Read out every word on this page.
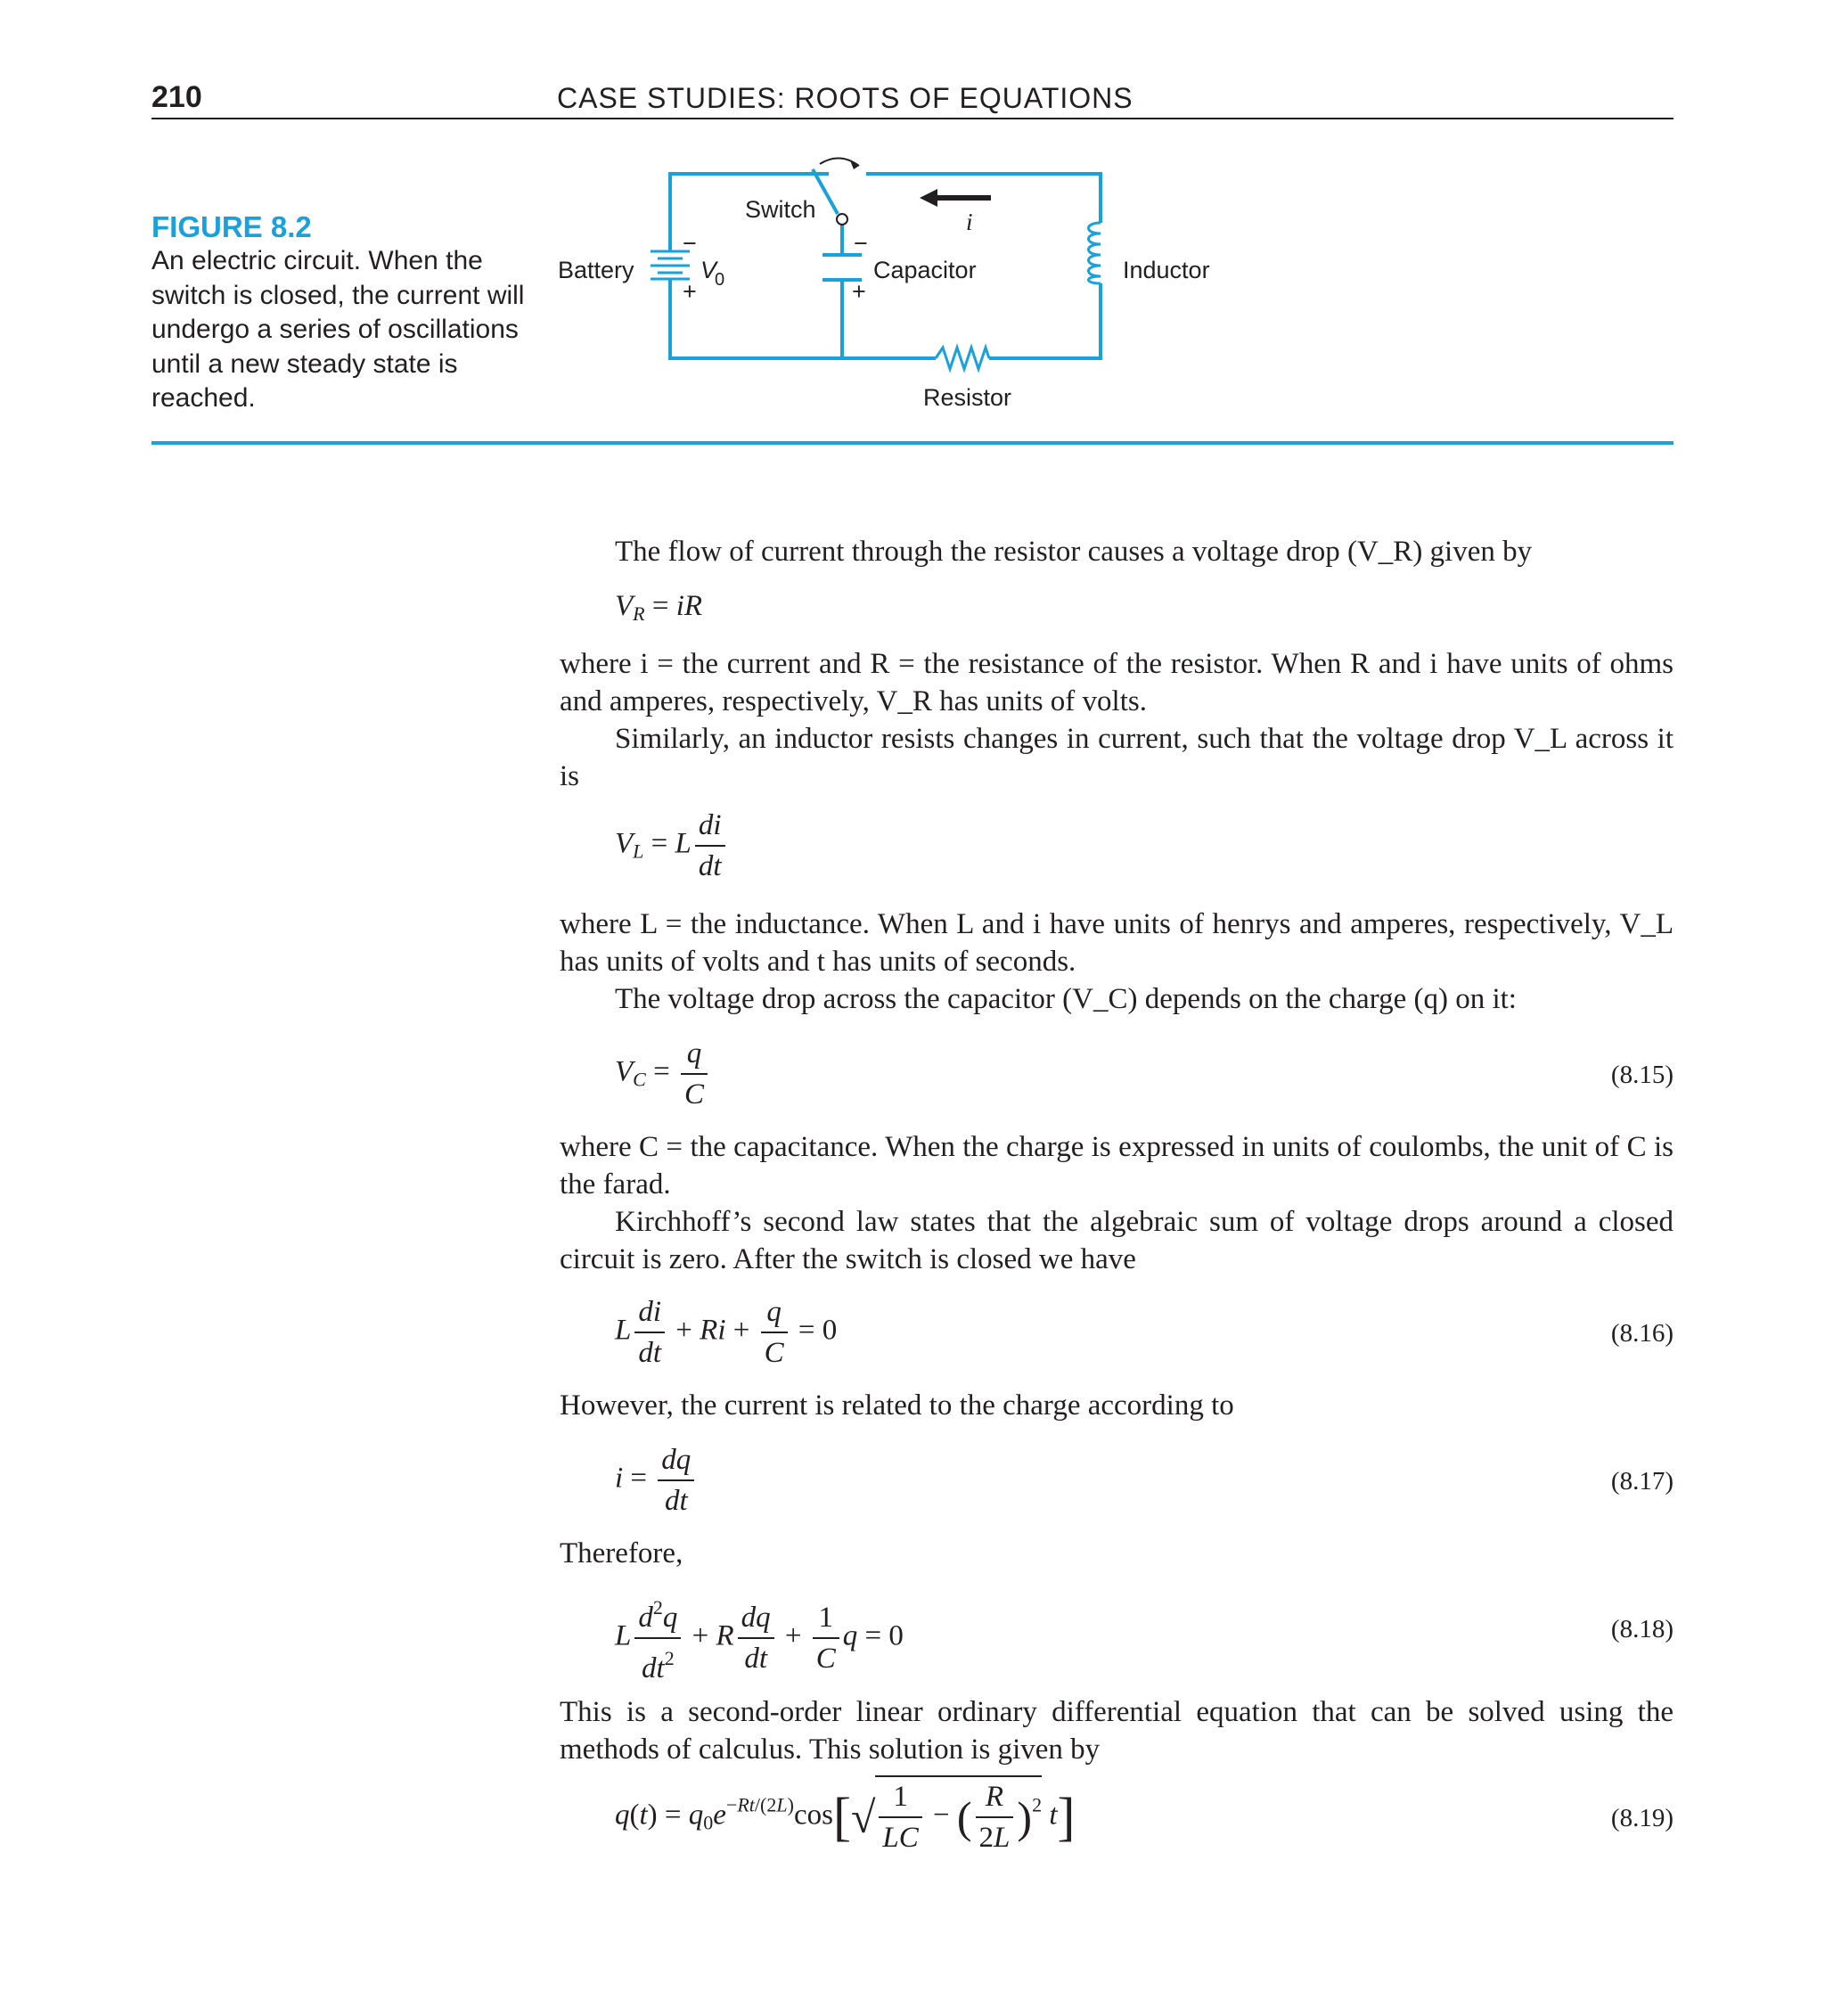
210	CASE STUDIES: ROOTS OF EQUATIONS
FIGURE 8.2
An electric circuit. When the switch is closed, the current will undergo a series of oscillations until a new steady state is reached.
Switch
Battery	Capacitor	Inductor
Resistor
−
+
−
+
V
0
i
The flow of current through the resistor causes a voltage drop (V_R) given by
$V_R$ = iR
where i = the current and R = the resistance of the resistor. When R and i have units of ohms and amperes, respectively, V_R has units of volts.
Similarly, an inductor resists changes in current, such that the voltage drop V_L across it is
$V_L = L \frac{di}{dt}$
where L = the inductance. When L and i have units of henrys and amperes, respectively, V_L has units of volts and t has units of seconds.
The voltage drop across the capacitor (V_C) depends on the charge (q) on it:
$V_C = \frac{q}{C}$	(8.15)
where C = the capacitance. When the charge is expressed in units of coulombs, the unit of C is the farad.
Kirchhoff’s second law states that the algebraic sum of voltage drops around a closed circuit is zero. After the switch is closed we have
L $\frac{di}{dt} + Ri + \frac{q}{C} = 0$	(8.16)
However, the current is related to the charge according to
$i = \frac{dq}{dt}$	(8.17)
Therefore,
L $\frac{d^2q}{dt^2} + R \frac{dq}{dt} + \frac{1}{C}$ q = 0	(8.18)
This is a second-order linear ordinary differential equation that can be solved using the methods of calculus. This solution is given by
$q(t) = q_0e^{-Rt/(2L)}\cos[√ \frac{1}{LC}$ − ( $\frac{R}{2L} )^2$ t]	(8.19)
